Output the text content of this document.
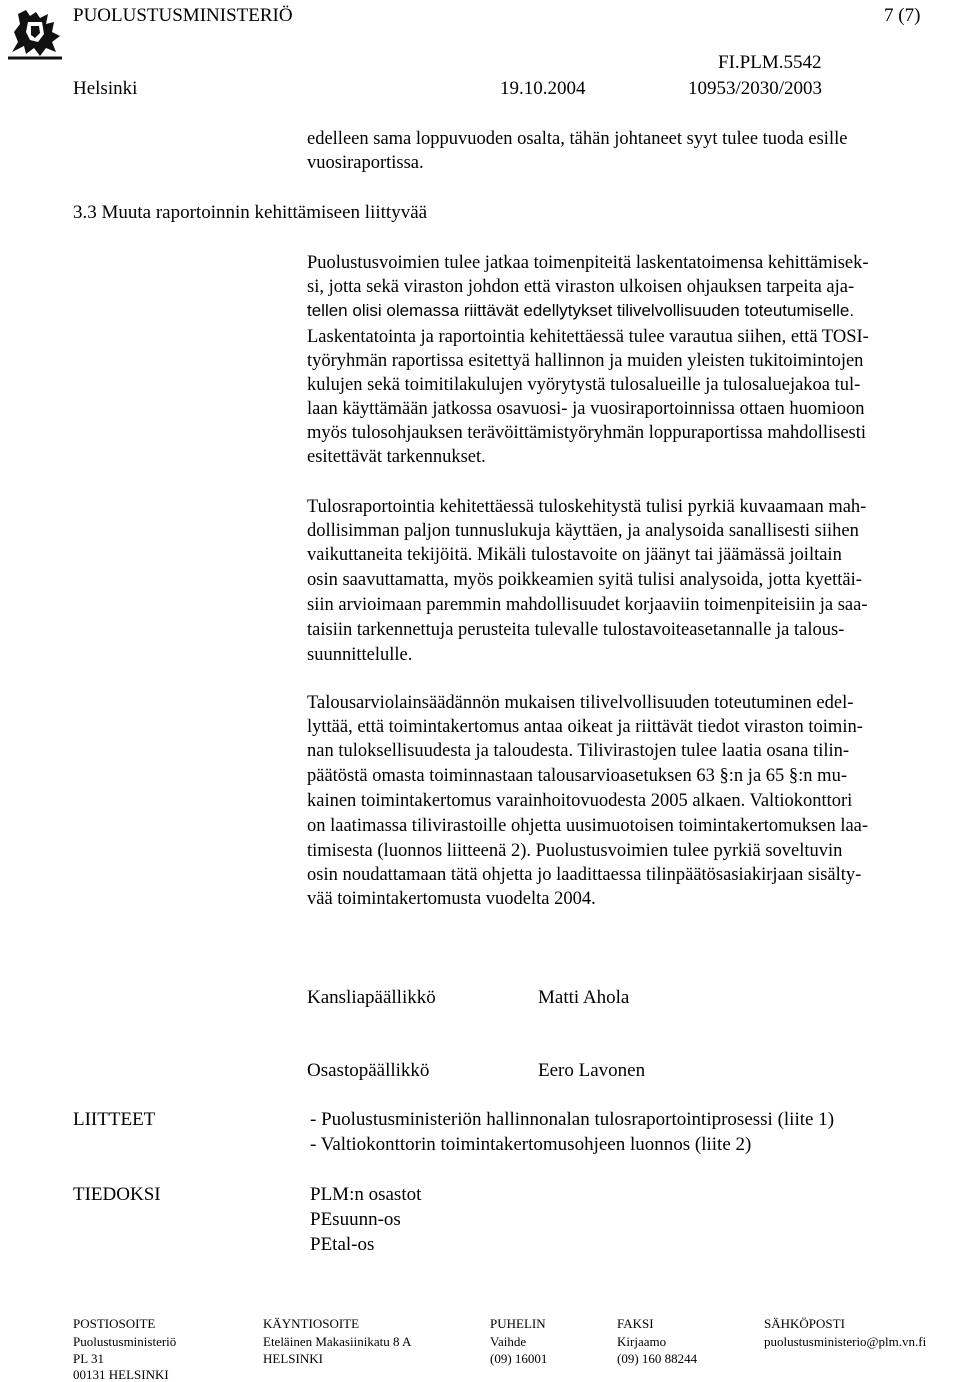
PUOLUSTUSMINISTERIÖ	7 (7)
Helsinki	19.10.2004
FI.PLM.5542
10953/2030/2003
edelleen sama loppuvuoden osalta, tähän johtaneet syyt tulee tuoda esille
vuosiraportissa.
3.3 Muuta raportoinnin kehittämiseen liittyvää
Puolustusvoimien tulee jatkaa toimenpiteitä laskentatoimensa kehittämisek-
si, jotta sekä viraston johdon että viraston ulkoisen ohjauksen tarpeita aja-
tellen olisi olemassa riittävät edellytykset tilivelvollisuuden toteutumiselle.
Laskentatointa ja raportointia kehitettäessä tulee varautua siihen, että TOSI-
työryhmän raportissa esitettyä hallinnon ja muiden yleisten tukitoimintojen
kulujen sekä toimitilakulujen vyörytystä tulosalueille ja tulosaluejakoa tul-
laan käyttämään jatkossa osavuosi- ja vuosiraportoinnissa ottaen huomioon
myös tulosohjauksen terävöittämistyöryhmän loppuraportissa mahdollisesti
esitettävät tarkennukset.
Tulosraportointia kehitettäessä tuloskehitystä tulisi pyrkiä kuvaamaan mah-
dollisimman paljon tunnuslukuja käyttäen, ja analysoida sanallisesti siihen
vaikuttaneita tekijöitä. Mikäli tulostavoite on jäänyt tai jäämässä joiltain
osin saavuttamatta, myös poikkeamien syitä tulisi analysoida, jotta kyettäi-
siin arvioimaan paremmin mahdollisuudet korjaaviin toimenpiteisiin ja saa-
taisiin tarkennettuja perusteita tulevalle tulostavoiteasetannalle ja talous-
suunnittelulle.
Talousarviolainsäädännön mukaisen tilivelvollisuuden toteutuminen edel-
lyttää, että toimintakertomus antaa oikeat ja riittävät tiedot viraston toimin-
nan tuloksellisuudesta ja taloudesta. Tilivirastojen tulee laatia osana tilin-
päätöstä omasta toiminnastaan talousarvioasetuksen 63 §:n ja 65 §:n mu-
kainen toimintakertomus varainhoitovuodesta 2005 alkaen. Valtiokonttori
on laatimassa tilivirastoille ohjetta uusimuotoisen toimintakertomuksen laa-
timisesta (luonnos liitteenä 2). Puolustusvoimien tulee pyrkiä soveltuvin
osin noudattamaan tätä ohjetta jo laadittaessa tilinpäätösasiakirjaan sisälty-
vää toimintakertomusta vuodelta 2004.
Kansliapäällikkö	Matti Ahola
Osastopäällikkö	Eero Lavonen
LIITTEET	- Puolustusministeriön hallinnonalan tulosraportointiprosessi (liite 1)
- Valtiokonttorin toimintakertomusohjeen luonnos (liite 2)
TIEDOKSI	PLM:n osastot
PEsuunn-os
PEtal-os
POSTIOSOITE
Puolustusministeriö
PL 31
00131 HELSINKI
KÄYNTIOSOITE
Eteläinen Makasiinikatu 8 A
HELSINKI
PUHELIN
Vaihde
(09) 16001
FAKSI
Kirjaamo
(09) 160 88244
SÄHKÖPOSTI
puolustusministerio@plm.vn.fi
